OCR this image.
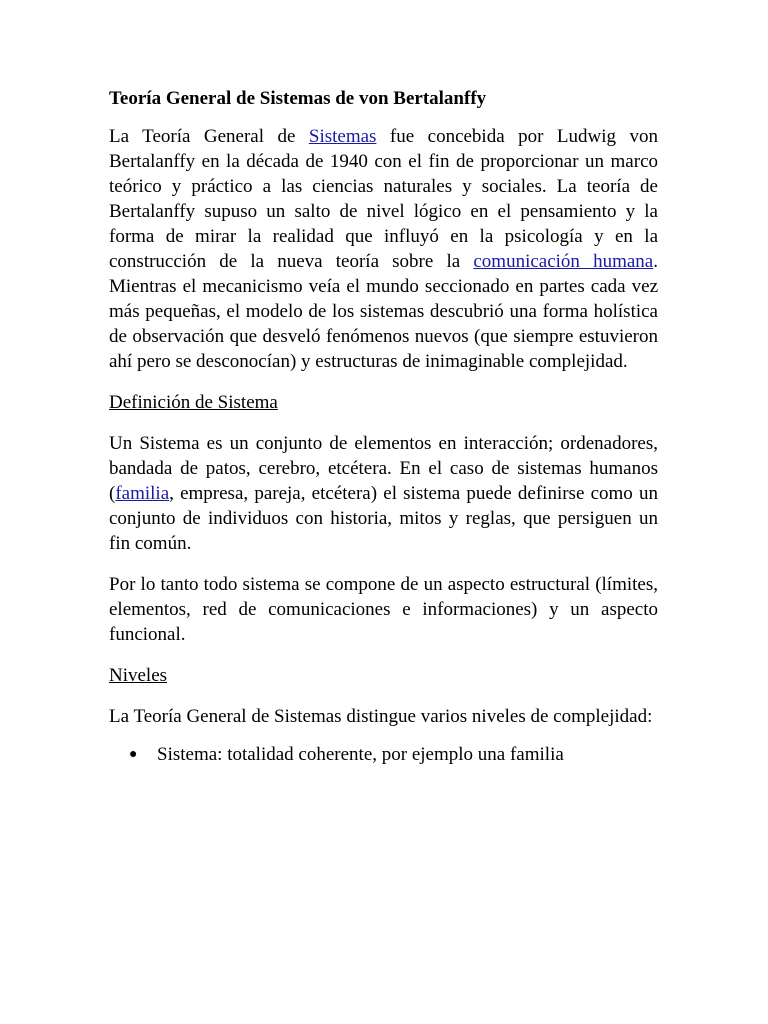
Teoría General de Sistemas de von Bertalanffy

La Teoría General de Sistemas fue concebida por Ludwig von Bertalanffy en la década de 1940 con el fin de proporcionar un marco teórico y práctico a las ciencias naturales y sociales. La teoría de Bertalanffy supuso un salto de nivel lógico en el pensamiento y la forma de mirar la realidad que influyó en la psicología y en la construcción de la nueva teoría sobre la comunicación humana. Mientras el mecanicismo veía el mundo seccionado en partes cada vez más pequeñas, el modelo de los sistemas descubrió una forma holística de observación que desveló fenómenos nuevos (que siempre estuvieron ahí pero se desconocían) y estructuras de inimaginable complejidad.

Definición de Sistema

Un Sistema es un conjunto de elementos en interacción; ordenadores, bandada de patos, cerebro, etcétera. En el caso de sistemas humanos (familia, empresa, pareja, etcétera) el sistema puede definirse como un conjunto de individuos con historia, mitos y reglas, que persiguen un fin común.

Por lo tanto todo sistema se compone de un aspecto estructural (límites, elementos, red de comunicaciones e informaciones) y un aspecto funcional.

Niveles

La Teoría General de Sistemas distingue varios niveles de complejidad:

● Sistema: totalidad coherente, por ejemplo una familia
